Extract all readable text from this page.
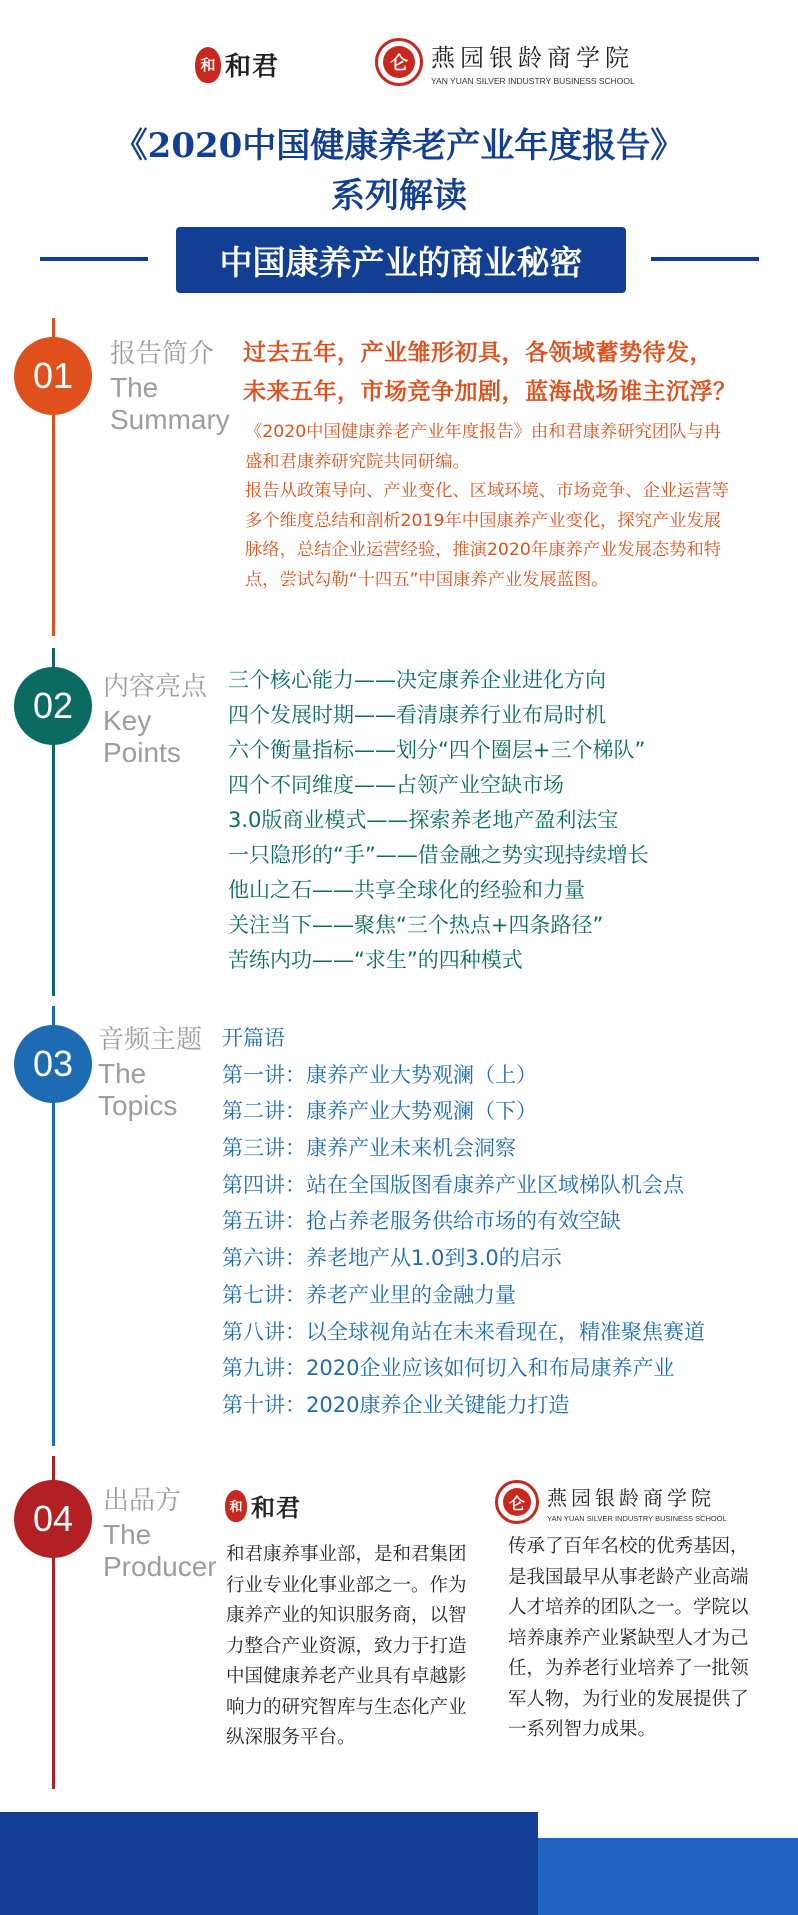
和 和君	仑 燕园银龄商学院
YAN YUAN SILVER INDUSTRY BUSINESS SCHOOL
《2020中国健康养老产业年度报告》
系列解读
中国康养产业的商业秘密
01
报告简介
The
Summary
过去五年，产业雏形初具，各领域蓄势待发，
未来五年，市场竞争加剧，蓝海战场谁主沉浮？

《2020中国健康养老产业年度报告》由和君康养研究团队与冉盛和君康养研究院共同研编。

报告从政策导向、产业变化、区域环境、市场竞争、企业运营等多个维度总结和剖析2019年中国康养产业变化，探究产业发展脉络，总结企业运营经验，推演2020年康养产业发展态势和特点，尝试勾勒“十四五”中国康养产业发展蓝图。

02	内容亮点
Key
Points
三个核心能力——决定康养企业进化方向
四个发展时期——看清康养行业布局时机
六个衡量指标——划分“四个圈层+三个梯队”
四个不同维度——占领产业空缺市场
3.0版商业模式——探索养老地产盈利法宝
一只隐形的“手”——借金融之势实现持续增长
他山之石——共享全球化的经验和力量
关注当下——聚焦“三个热点+四条路径”
苦练内功——“求生”的四种模式
03
音频主题
The
Topics
开篇语
第一讲：康养产业大势观澜（上）
第二讲：康养产业大势观澜（下）
第三讲：康养产业未来机会洞察
第四讲：站在全国版图看康养产业区域梯队机会点
第五讲：抢占养老服务供给市场的有效空缺
第六讲：养老地产从1.0到3.0的启示
第七讲：养老产业里的金融力量
第八讲：以全球视角站在未来看现在，精准聚焦赛道
第九讲：2020企业应该如何切入和布局康养产业
第十讲：2020康养企业关键能力打造
04	出品方
The
Producer
和 和君	仑	燕园银龄商学院
YAN YUAN SILVER INDUSTRY BUSINESS SCHOOL
和君康养事业部，是和君集团行业专业化事业部之一。作为康养产业的知识服务商，以智力整合产业资源，致力于打造中国健康养老产业具有卓越影响力的研究智库与生态化产业纵深服务平台。
传承了百年名校的优秀基因，是我国最早从事老龄产业高端人才培养的团队之一。学院以培养康养产业紧缺型人才为己任，为养老行业培养了一批领军人物，为行业的发展提供了一系列智力成果。
